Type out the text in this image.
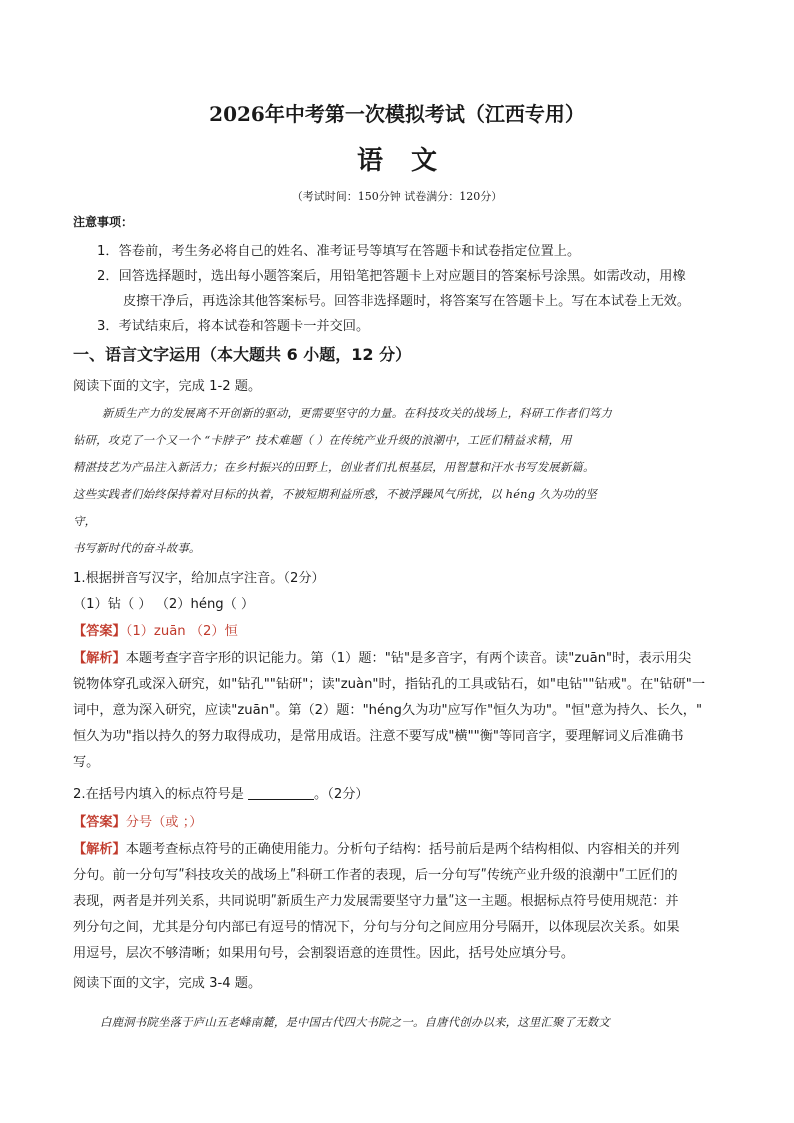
2026年中考第一次模拟考试（江西专用）
语文
（考试时间：150分钟 试卷满分：120分）
注意事项：
1．答卷前，考生务必将自己的姓名、准考证号等填写在答题卡和试卷指定位置上。
2．回答选择题时，选出每小题答案后，用铅笔把答题卡上对应题目的答案标号涂黑。如需改动，用橡
皮擦干净后，再选涂其他答案标号。回答非选择题时，将答案写在答题卡上。写在本试卷上无效。
3．考试结束后，将本试卷和答题卡一并交回。
一、语言文字运用（本大题共 6 小题，12 分）
阅读下面的文字，完成 1-2 题。
新质生产力的发展离不开创新的驱动，更需要坚守的力量。在科技攻关的战场上，科研工作者们笃力
钻研，攻克了一个又一个 “卡脖子” 技术难题（ ）在传统产业升级的浪潮中，工匠们精益求精，用
精湛技艺为产品注入新活力；在乡村振兴的田野上，创业者们扎根基层，用智慧和汗水书写发展新篇。
这些实践者们始终保持着对目标的执着，不被短期利益所惑，不被浮躁风气所扰，以 héng 久为功的坚
守，
书写新时代的奋斗故事。
1.根据拼音写汉字，给加点字注音。（2分）
（1）钻（ ） （2）héng（ ）
【答案】（1）zuān （2）恒
【解析】本题考查字音字形的识记能力。第（1）题："钻"是多音字，有两个读音。读"zuān"时，表示用尖
锐物体穿孔或深入研究，如"钻孔""钻研"；读"zuàn"时，指钻孔的工具或钻石，如"电钻""钻戒"。在"钻研"一
词中，意为深入研究，应读"zuān"。第（2）题："héng久为功"应写作"恒久为功"。"恒"意为持久、长久，"
恒久为功"指以持久的努力取得成功，是常用成语。注意不要写成"横""衡"等同音字，要理解词义后准确书
写。
2.在括号内填入的标点符号是	。（2分）
【答案】分号（或 ；）
【解析】本题考查标点符号的正确使用能力。分析句子结构：括号前后是两个结构相似、内容相关的并列
分句。前一分句写ʺ科技攻关的战场上ʺ科研工作者的表现，后一分句写ʺ传统产业升级的浪潮中ʺ工匠们的
表现，两者是并列关系，共同说明ʺ新质生产力发展需要坚守力量ʺ这一主题。根据标点符号使用规范：并
列分句之间，尤其是分句内部已有逗号的情况下，分句与分句之间应用分号隔开，以体现层次关系。如果
用逗号，层次不够清晰；如果用句号，会割裂语意的连贯性。因此，括号处应填分号。
阅读下面的文字，完成 3-4 题。
白鹿洞书院坐落于庐山五老峰南麓，是中国古代四大书院之一。自唐代创办以来，这里汇聚了无数文
